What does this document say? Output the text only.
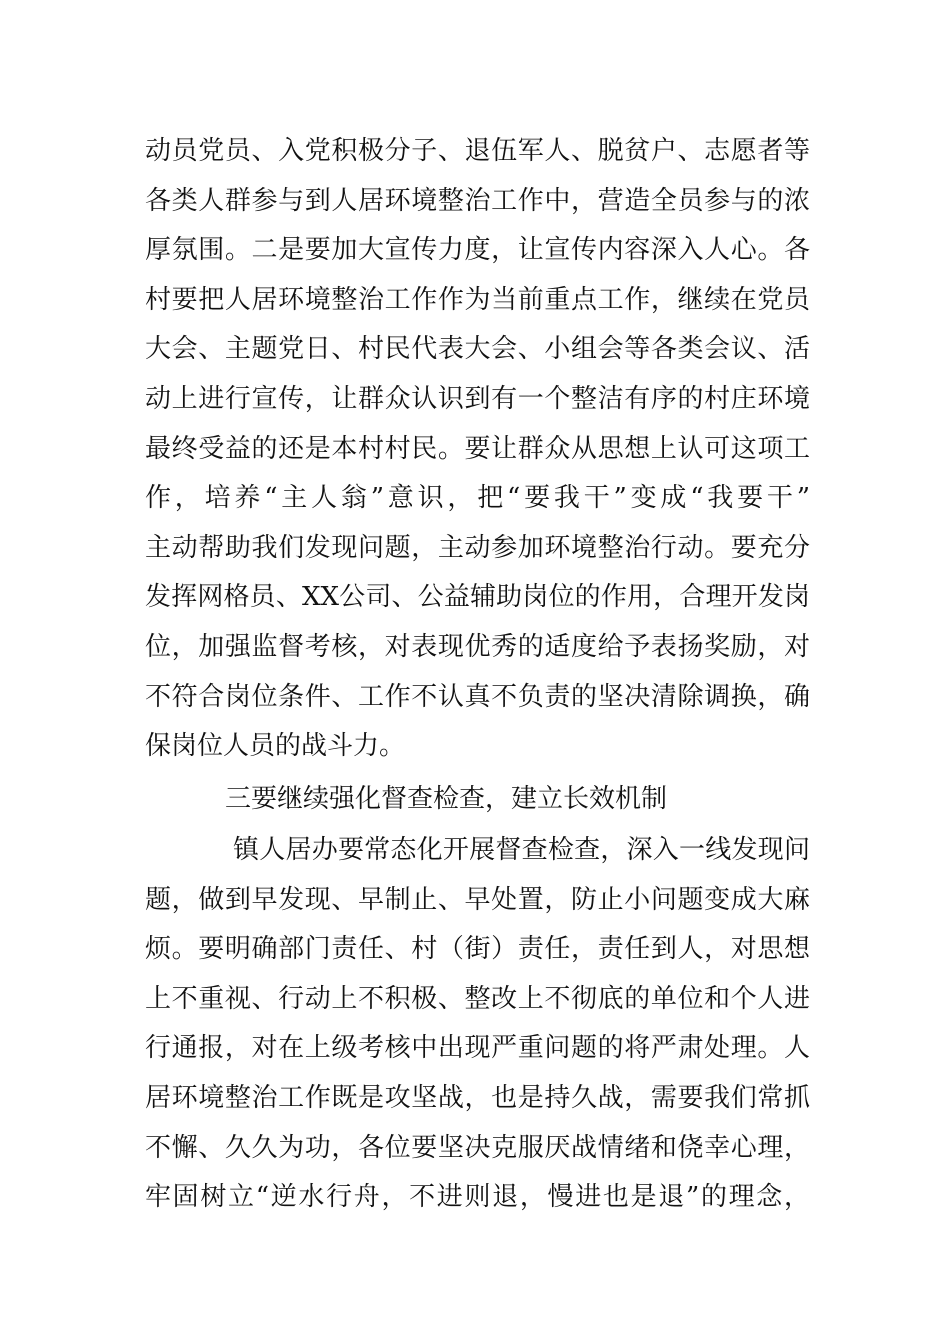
动员党员、入党积极分子、退伍军人、脱贫户、志愿者等
各类人群参与到人居环境整治工作中，营造全员参与的浓
厚氛围。二是要加大宣传力度，让宣传内容深入人心。各
村要把人居环境整治工作作为当前重点工作，继续在党员
大会、主题党日、村民代表大会、小组会等各类会议、活
动上进行宣传，让群众认识到有一个整洁有序的村庄环境
最终受益的还是本村村民。要让群众从思想上认可这项工
作，培养“主人翁”意识，把“要我干”变成“我要干”
主动帮助我们发现问题，主动参加环境整治行动。要充分
发挥网格员、XX公司、公益辅助岗位的作用，合理开发岗
位，加强监督考核，对表现优秀的适度给予表扬奖励，对
不符合岗位条件、工作不认真不负责的坚决清除调换，确
保岗位人员的战斗力。
三要继续强化督查检查，建立长效机制
镇人居办要常态化开展督查检查，深入一线发现问
题，做到早发现、早制止、早处置，防止小问题变成大麻
烦。要明确部门责任、村（街）责任，责任到人，对思想
上不重视、行动上不积极、整改上不彻底的单位和个人进
行通报，对在上级考核中出现严重问题的将严肃处理。人
居环境整治工作既是攻坚战，也是持久战，需要我们常抓
不懈、久久为功，各位要坚决克服厌战情绪和侥幸心理，
牢固树立“逆水行舟，不进则退，慢进也是退”的理念，
